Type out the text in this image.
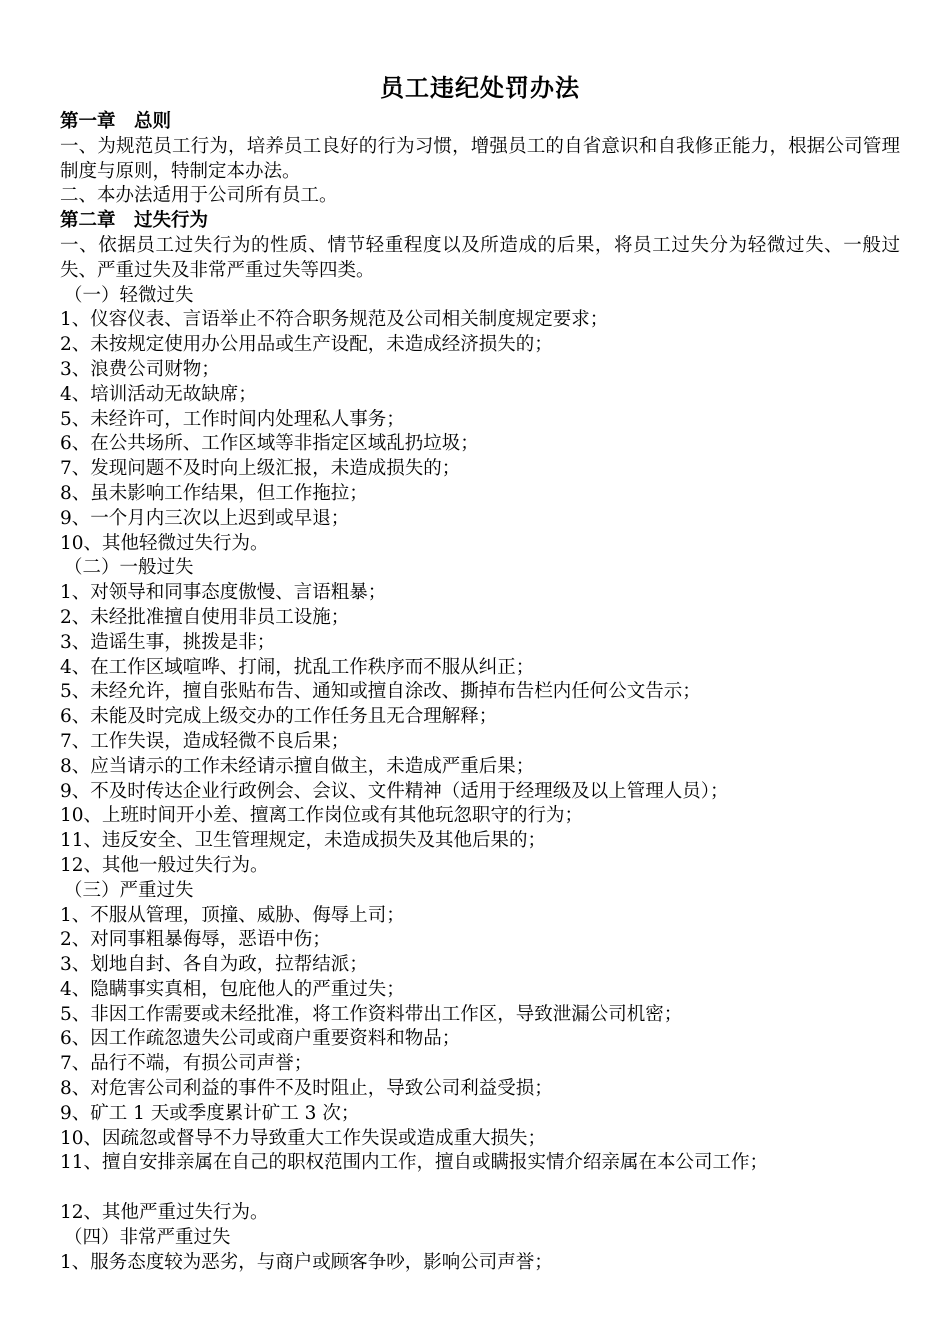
员工违纪处罚办法
第一章　总则
一、为规范员工行为，培养员工良好的行为习惯，增强员工的自省意识和自我修正能力，根据公司管理制度与原则，特制定本办法。
二、本办法适用于公司所有员工。
第二章　过失行为
一、依据员工过失行为的性质、情节轻重程度以及所造成的后果，将员工过失分为轻微过失、一般过失、严重过失及非常严重过失等四类。
（一）轻微过失
1、仪容仪表、言语举止不符合职务规范及公司相关制度规定要求；
2、未按规定使用办公用品或生产设配，未造成经济损失的；
3、浪费公司财物；
4、培训活动无故缺席；
5、未经许可，工作时间内处理私人事务；
6、在公共场所、工作区域等非指定区域乱扔垃圾；
7、发现问题不及时向上级汇报，未造成损失的；
8、虽未影响工作结果，但工作拖拉；
9、一个月内三次以上迟到或早退；
10、其他轻微过失行为。
（二）一般过失
1、对领导和同事态度傲慢、言语粗暴；
2、未经批准擅自使用非员工设施；
3、造谣生事，挑拨是非；
4、在工作区域喧哗、打闹，扰乱工作秩序而不服从纠正；
5、未经允许，擅自张贴布告、通知或擅自涂改、撕掉布告栏内任何公文告示；
6、未能及时完成上级交办的工作任务且无合理解释；
7、工作失误，造成轻微不良后果；
8、应当请示的工作未经请示擅自做主，未造成严重后果；
9、不及时传达企业行政例会、会议、文件精神（适用于经理级及以上管理人员）；
10、上班时间开小差、擅离工作岗位或有其他玩忽职守的行为；
11、违反安全、卫生管理规定，未造成损失及其他后果的；
12、其他一般过失行为。
（三）严重过失
1、不服从管理，顶撞、威胁、侮辱上司；
2、对同事粗暴侮辱，恶语中伤；
3、划地自封、各自为政，拉帮结派；
4、隐瞒事实真相，包庇他人的严重过失；
5、非因工作需要或未经批准，将工作资料带出工作区，导致泄漏公司机密；
6、因工作疏忽遗失公司或商户重要资料和物品；
7、品行不端，有损公司声誉；
8、对危害公司利益的事件不及时阻止，导致公司利益受损；
9、矿工 1 天或季度累计矿工 3 次；
10、因疏忽或督导不力导致重大工作失误或造成重大损失；
11、擅自安排亲属在自己的职权范围内工作，擅自或瞒报实情介绍亲属在本公司工作；
12、其他严重过失行为。
（四）非常严重过失
1、服务态度较为恶劣，与商户或顾客争吵，影响公司声誉；
